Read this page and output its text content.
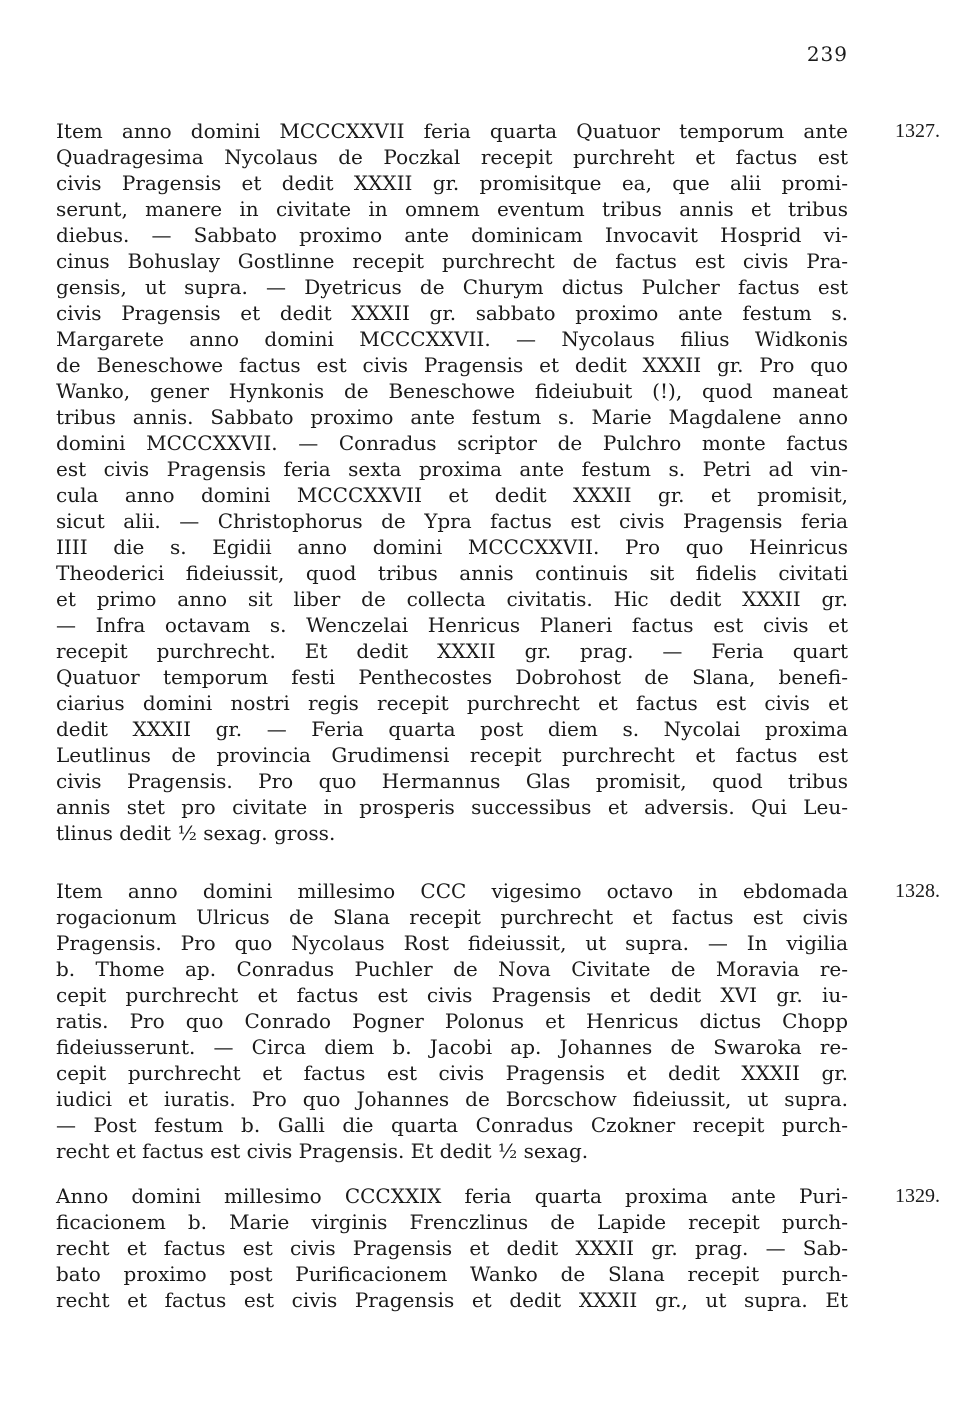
239
1327.
Item anno domini MCCCXXVII feria quarta Quatuor temporum ante
Quadragesima Nycolaus de Poczkal recepit purchreht et factus est
civis Pragensis et dedit XXXII gr. promisitque ea, que alii promi-
serunt, manere in civitate in omnem eventum tribus annis et tribus
diebus. — Sabbato proximo ante dominicam Invocavit Hosprid vi-
cinus Bohuslay Gostlinne recepit purchrecht de factus est civis Pra-
gensis, ut supra. — Dyetricus de Churym dictus Pulcher factus est
civis Pragensis et dedit XXXII gr. sabbato proximo ante festum s.
Margarete anno domini MCCCXXVII. — Nycolaus filius Widkonis
de Beneschowe factus est civis Pragensis et dedit XXXII gr. Pro quo
Wanko, gener Hynkonis de Beneschowe fideiubuit (!), quod maneat
tribus annis. Sabbato proximo ante festum s. Marie Magdalene anno
domini MCCCXXVII. — Conradus scriptor de Pulchro monte factus
est civis Pragensis feria sexta proxima ante festum s. Petri ad vin-
cula anno domini MCCCXXVII et dedit XXXII gr. et promisit,
sicut alii. — Christophorus de Ypra factus est civis Pragensis feria
IIII die s. Egidii anno domini MCCCXXVII. Pro quo Heinricus
Theoderici fideiussit, quod tribus annis continuis sit fidelis civitati
et primo anno sit liber de collecta civitatis. Hic dedit XXXII gr.
— Infra octavam s. Wenczelai Henricus Planeri factus est civis et
recepit purchrecht. Et dedit XXXII gr. prag. — Feria quart
Quatuor temporum festi Penthecostes Dobrohost de Slana, benefi-
ciarius domini nostri regis recepit purchrecht et factus est civis et
dedit XXXII gr. — Feria quarta post diem s. Nycolai proxima
Leutlinus de provincia Grudimensi recepit purchrecht et factus est
civis Pragensis. Pro quo Hermannus Glas promisit, quod tribus
annis stet pro civitate in prosperis successibus et adversis. Qui Leu-
tlinus dedit ½ sexag. gross.
1328.
Item anno domini millesimo CCC vigesimo octavo in ebdomada
rogacionum Ulricus de Slana recepit purchrecht et factus est civis
Pragensis. Pro quo Nycolaus Rost fideiussit, ut supra. — In vigilia
b. Thome ap. Conradus Puchler de Nova Civitate de Moravia re-
cepit purchrecht et factus est civis Pragensis et dedit XVI gr. iu-
ratis. Pro quo Conrado Pogner Polonus et Henricus dictus Chopp
fideiusserunt. — Circa diem b. Jacobi ap. Johannes de Swaroka re-
cepit purchrecht et factus est civis Pragensis et dedit XXXII gr.
iudici et iuratis. Pro quo Johannes de Borcschow fideiussit, ut supra.
— Post festum b. Galli die quarta Conradus Czokner recepit purch-
recht et factus est civis Pragensis. Et dedit ½ sexag.
1329.
Anno domini millesimo CCCXXIX feria quarta proxima ante Puri-
ficacionem b. Marie virginis Frenczlinus de Lapide recepit purch-
recht et factus est civis Pragensis et dedit XXXII gr. prag. — Sab-
bato proximo post Purificacionem Wanko de Slana recepit purch-
recht et factus est civis Pragensis et dedit XXXII gr., ut supra. Et
